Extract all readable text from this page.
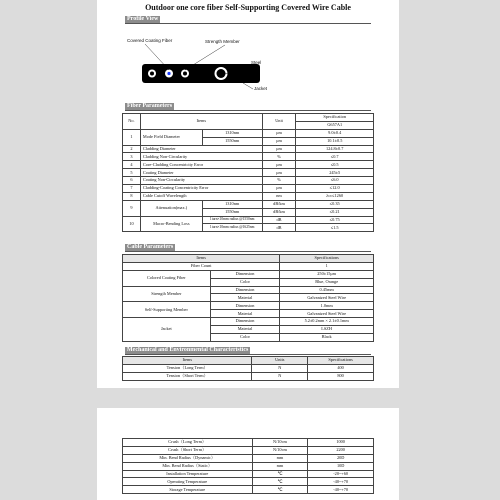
Outdoor one core fiber Self-Supporting Covered Wire Cable
Profile View
Covered Coating Fiber	Strength Member
Steel
Jacket
Fiber Parameters
No.	Items		Unit	Specification
				G657A1
1	Mode Field Diameter	1310nm	μm	9.0±0.4
		1550nm	μm	10.1±0.5
2	Cladding Diameter		μm	124.8±0.7
3	Cladding Non-Circularity		%	≤0.7
4	Core-Cladding Concentricity Error		μm	≤0.5
5	Coating Diameter		μm	245±5
6	Coating Non-Circularity		%	≤6.0
7	Cladding-Coating Concentricity Error		μm	≤12.0
8	Cable Cutoff Wavelength		nm	λcc≤1260
9	Attenuation(max.)	1310nm	dB/km	≤0.35
		1550nm	dB/km	≤0.21
10	Macro-Bending Loss	1turn×10mm radius @1550nm	dB	≤0.75
		1turn×10mm radius @1625nm	dB	≤1.5
Cable Parameters
Items		Specifications
Fiber Count		1
Colored Coating Fiber	Dimension	250±15μm
	Color	Blue, Orange
Strength Member	Dimension	0.45mm
	Material	Galvanized Steel Wire
Self-Supporting Member	Dimension	1.0mm
	Material	Galvanized Steel Wire
Jacket	Dimension	5.2±0.2mm × 2.1±0.1mm
	Material	LSZH
	Color	Black
Mechanical and Environmental Characteristics
Items	Units	Specifications
Tension（Long Term）	N	400
Tension（Short Term）	N	800
Crush（Long Term）	N/10cm	1000
Crush（Short Term）	N/10cm	2200
Min. Bend Radius（Dynamic）	mm	20D
Min. Bend Radius（Static）	mm	10D
Installation Temperature	℃	-20~+60
Operating Temperature	℃	-40~+70
Storage Temperature	℃	-40~+70
